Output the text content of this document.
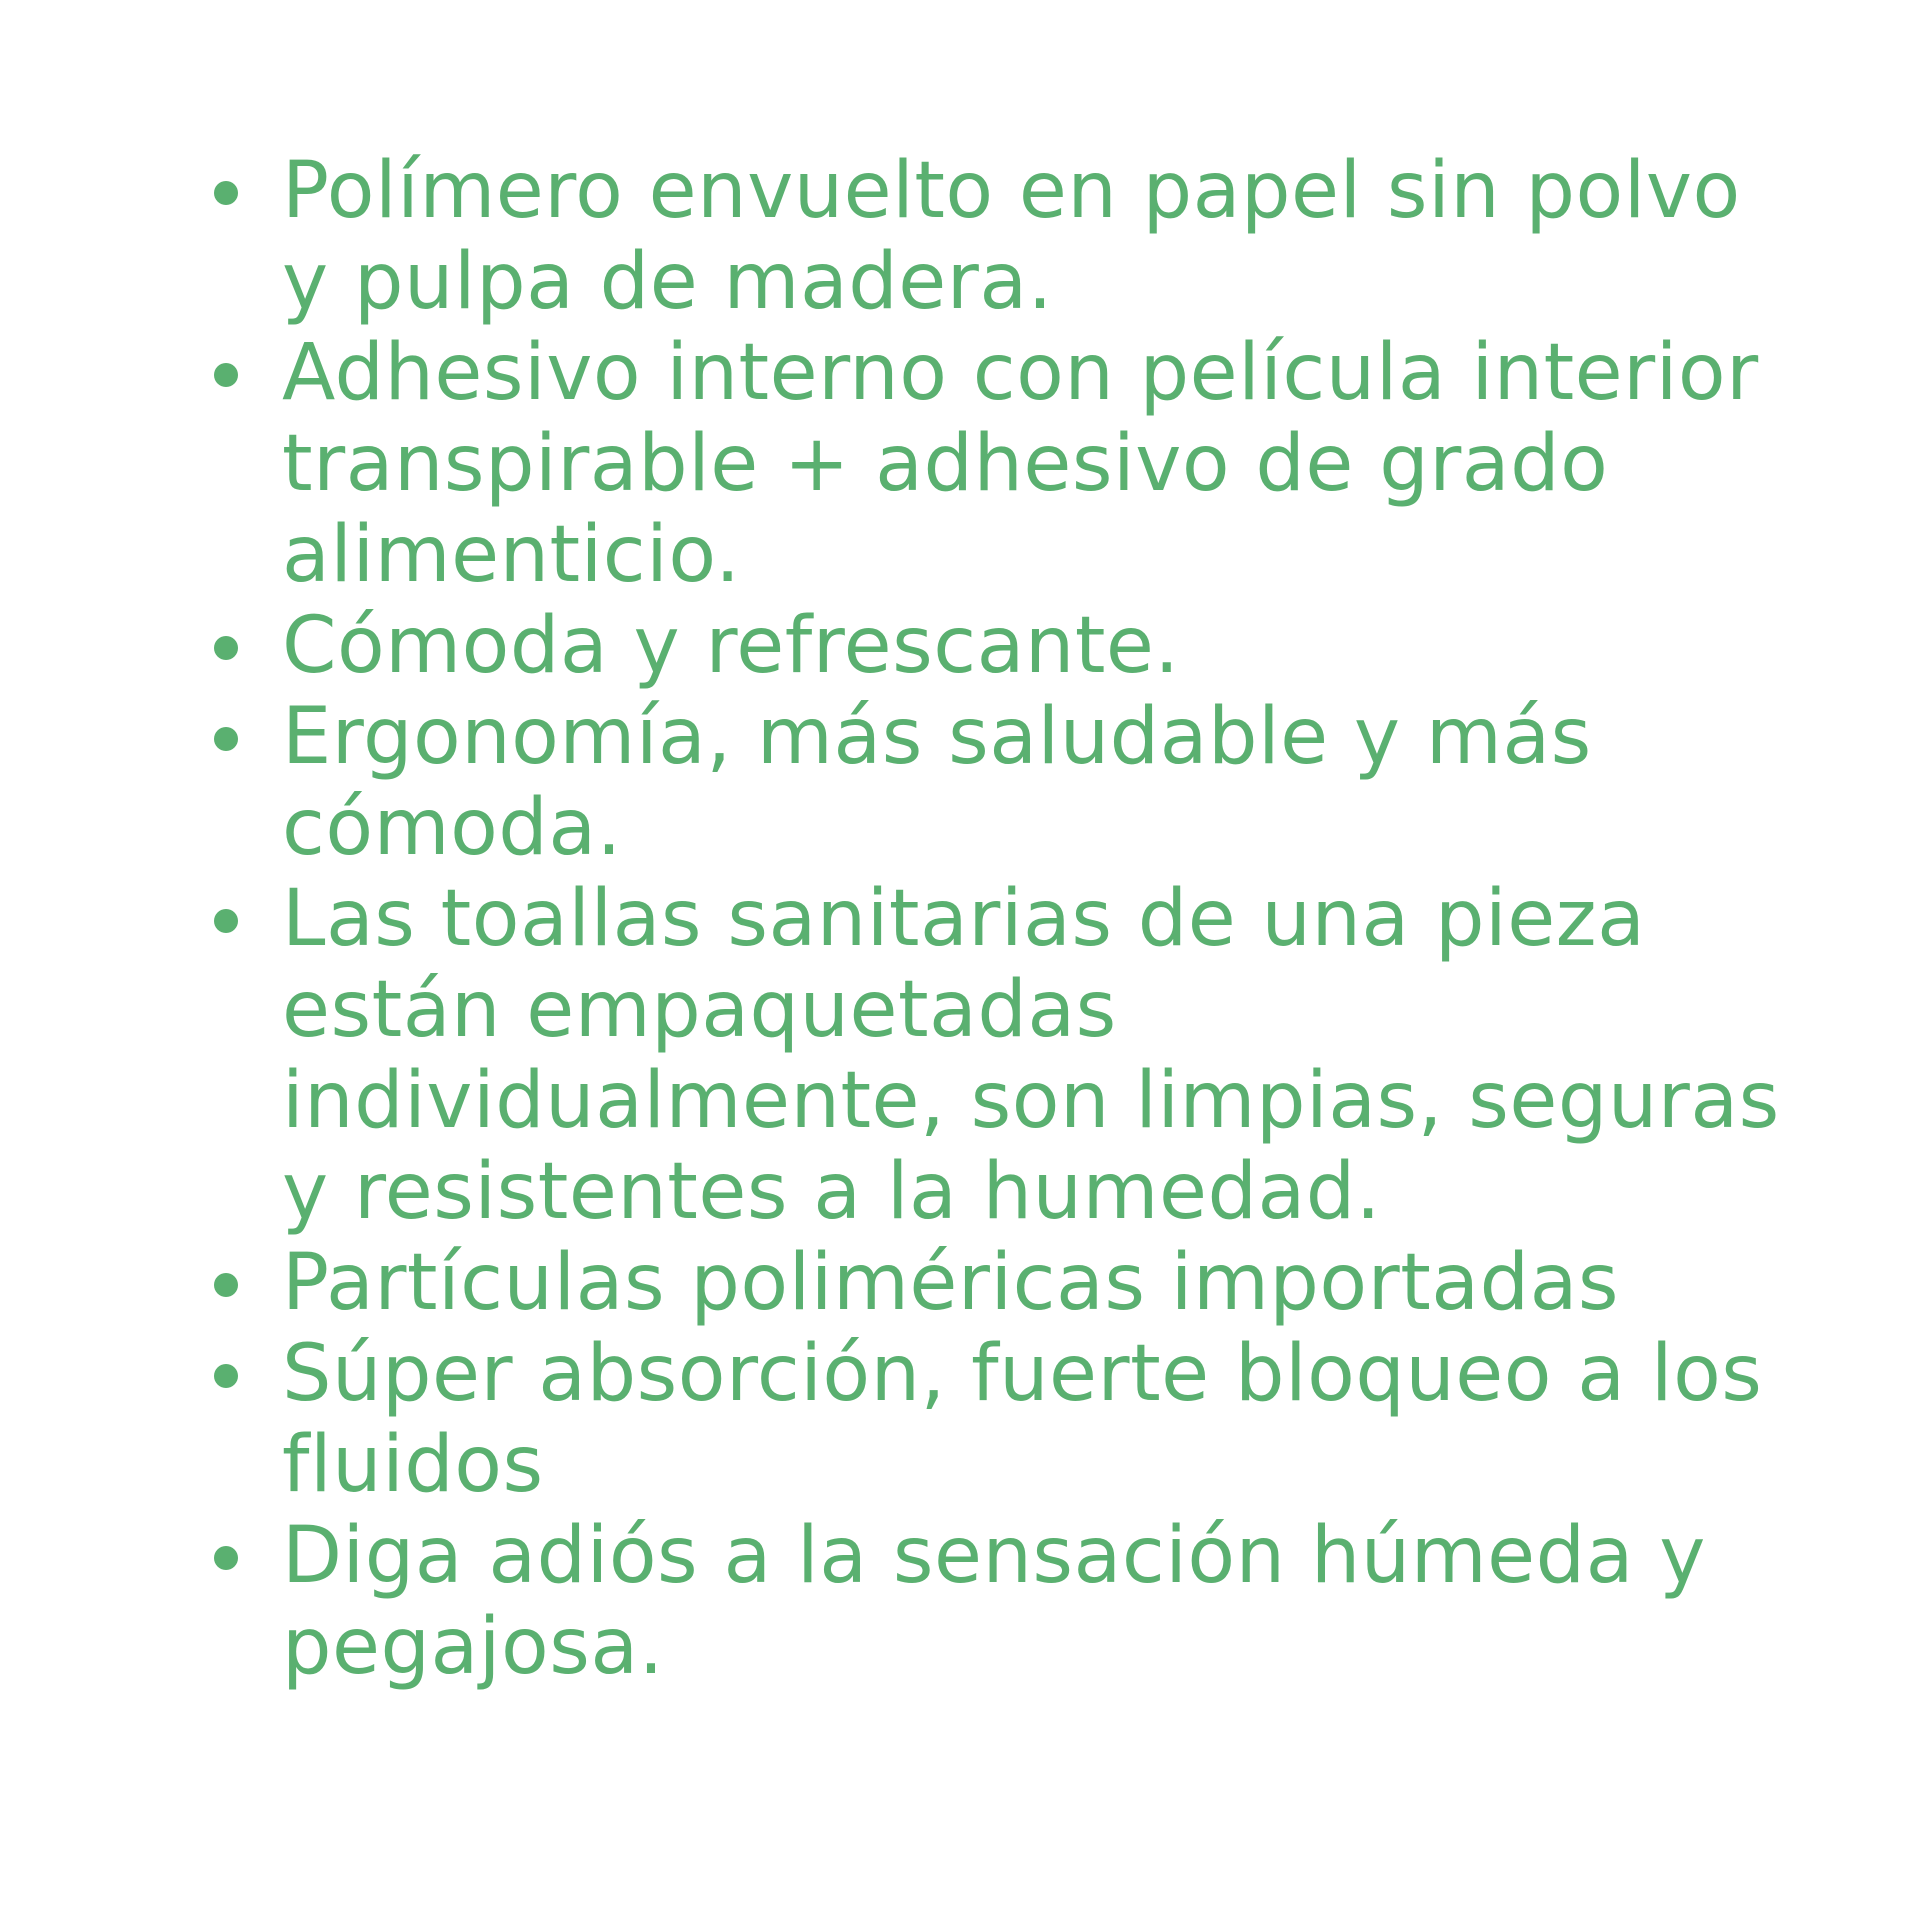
Polímero envuelto en papel sin polvo y pulpa de madera.
Adhesivo interno con película interior transpirable + adhesivo de grado alimenticio.
Cómoda y refrescante.
Ergonomía, más saludable y más cómoda.
Las toallas sanitarias de una pieza están empaquetadas individualmente, son limpias, seguras y resistentes a la humedad.
Partículas poliméricas importadas
Súper absorción, fuerte bloqueo a los fluidos
Diga adiós a la sensación húmeda y pegajosa.
